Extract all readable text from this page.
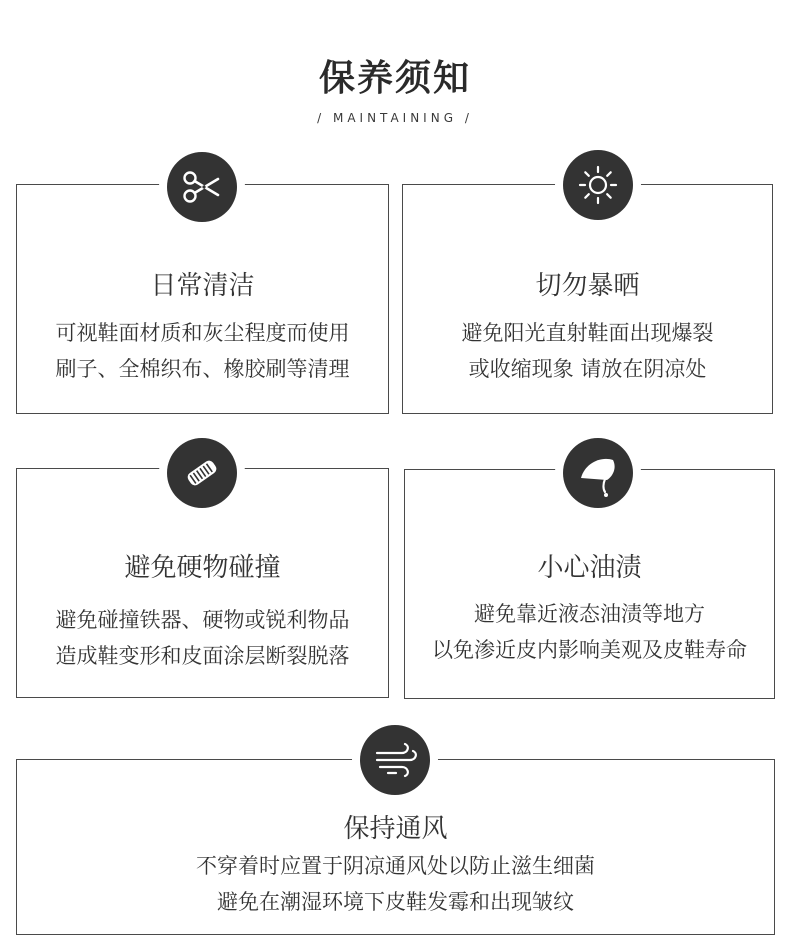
保养须知
/ MAINTAINING /
日常清洁
可视鞋面材质和灰尘程度而使用
刷子、全棉织布、橡胶刷等清理
切勿暴晒
避免阳光直射鞋面出现爆裂
或收缩现象 请放在阴凉处
避免硬物碰撞
避免碰撞铁器、硬物或锐利物品
造成鞋变形和皮面涂层断裂脱落
小心油渍
避免靠近液态油渍等地方
以免渗近皮内影响美观及皮鞋寿命
保持通风
不穿着时应置于阴凉通风处以防止滋生细菌
避免在潮湿环境下皮鞋发霉和出现皱纹
